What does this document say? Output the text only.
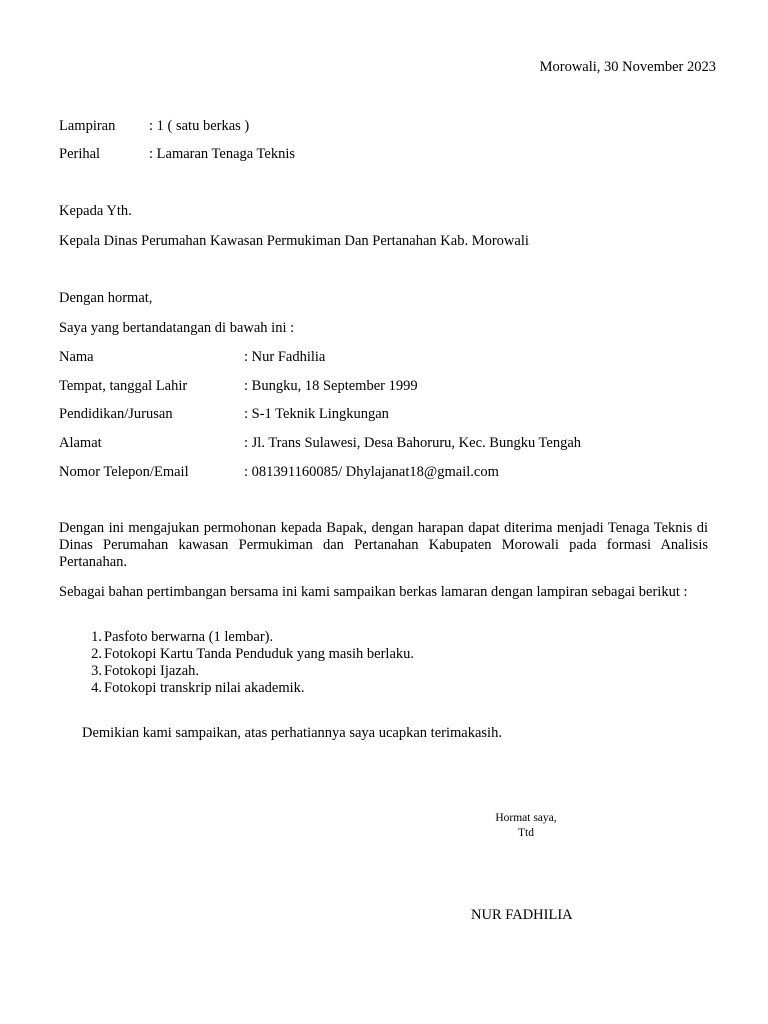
Morowali, 30 November 2023
Lampiran : 1 ( satu berkas )
Perihal	: Lamaran Tenaga Teknis
Kepada Yth.
Kepala Dinas Perumahan Kawasan Permukiman Dan Pertanahan Kab. Morowali
Dengan hormat,
Saya yang bertandatangan di bawah ini :
Nama	: Nur Fadhilia
Tempat, tanggal Lahir	: Bungku, 18 September 1999
Pendidikan/Jurusan	: S-1 Teknik Lingkungan
Alamat	: Jl. Trans Sulawesi, Desa Bahoruru, Kec. Bungku Tengah
Nomor Telepon/Email	: 081391160085/ Dhylajanat18@gmail.com
Dengan ini mengajukan permohonan kepada Bapak, dengan harapan dapat diterima menjadi Tenaga Teknis di Dinas Perumahan kawasan Permukiman dan Pertanahan Kabupaten Morowali pada formasi Analisis Pertanahan.
Sebagai bahan pertimbangan bersama ini kami sampaikan berkas lamaran dengan lampiran sebagai berikut :
1. Pasfoto berwarna (1 lembar).
2. Fotokopi Kartu Tanda Penduduk yang masih berlaku.
3. Fotokopi Ijazah.
4. Fotokopi transkrip nilai akademik.
Demikian kami sampaikan, atas perhatiannya saya ucapkan terimakasih.
Hormat saya,
Ttd
NUR FADHILIA
